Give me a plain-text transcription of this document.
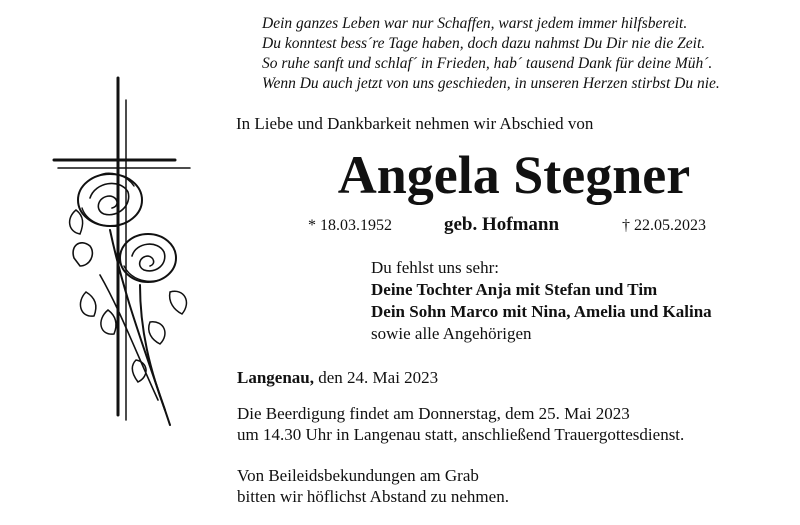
Dein ganzes Leben war nur Schaffen, warst jedem immer hilfsbereit.
Du konntest bess´re Tage haben, doch dazu nahmst Du Dir nie die Zeit.
So ruhe sanft und schlaf´ in Frieden, hab´ tausend Dank für deine Müh´.
Wenn Du auch jetzt von uns geschieden, in unseren Herzen stirbst Du nie.
In Liebe und Dankbarkeit nehmen wir Abschied von
Angela Stegner
* 18.03.1952	geb. Hofmann	† 22.05.2023
Du fehlst uns sehr:
Deine Tochter Anja mit Stefan und Tim
Dein Sohn Marco mit Nina, Amelia und Kalina
sowie alle Angehörigen
Langenau, den 24. Mai 2023
Die Beerdigung findet am Donnerstag, dem 25. Mai 2023
um 14.30 Uhr in Langenau statt, anschließend Trauergottesdienst.
Von Beileidsbekundungen am Grab
bitten wir höflichst Abstand zu nehmen.
